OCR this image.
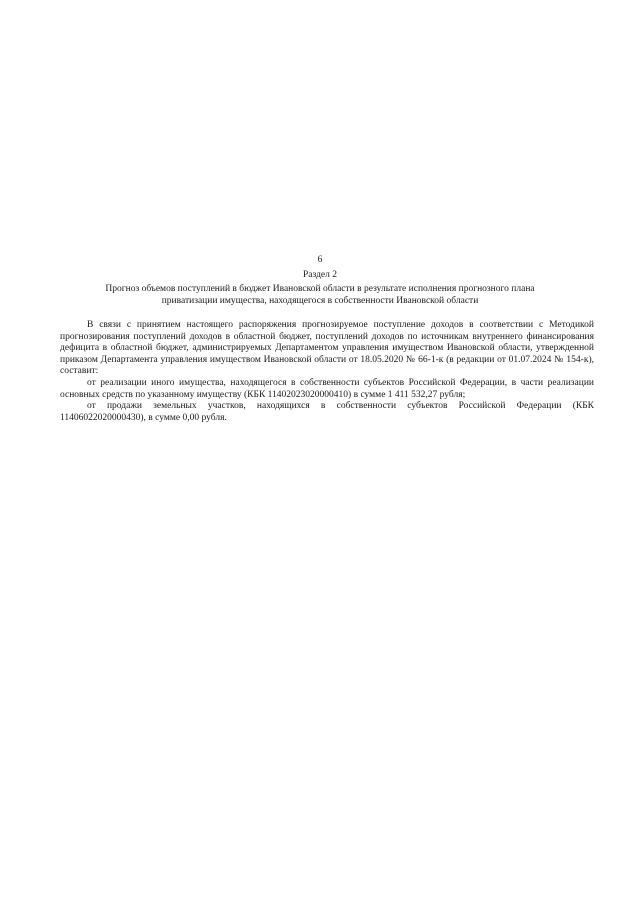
6
Раздел 2
Прогноз объемов поступлений в бюджет Ивановской области в результате исполнения прогнозного плана приватизации имущества, находящегося в собственности Ивановской области

В связи с принятием настоящего распоряжения прогнозируемое поступление доходов в соответствии с Методикой прогнозирования поступлений доходов в областной бюджет, поступлений доходов по источникам внутреннего финансирования дефицита в областной бюджет, администрируемых Департаментом управления имуществом Ивановской области, утвержденной приказом Департамента управления имуществом Ивановской области от 18.05.2020 № 66-1-к (в редакции от 01.07.2024 № 154-к), составит:

от реализации иного имущества, находящегося в собственности субъектов Российской Федерации, в части реализации основных средств по указанному имуществу (КБК 11402023020000410) в сумме 1 411 532,27 рубля;

от продажи земельных участков, находящихся в собственности субъектов Российской Федерации (КБК 11406022020000430), в сумме 0,00 рубля.
